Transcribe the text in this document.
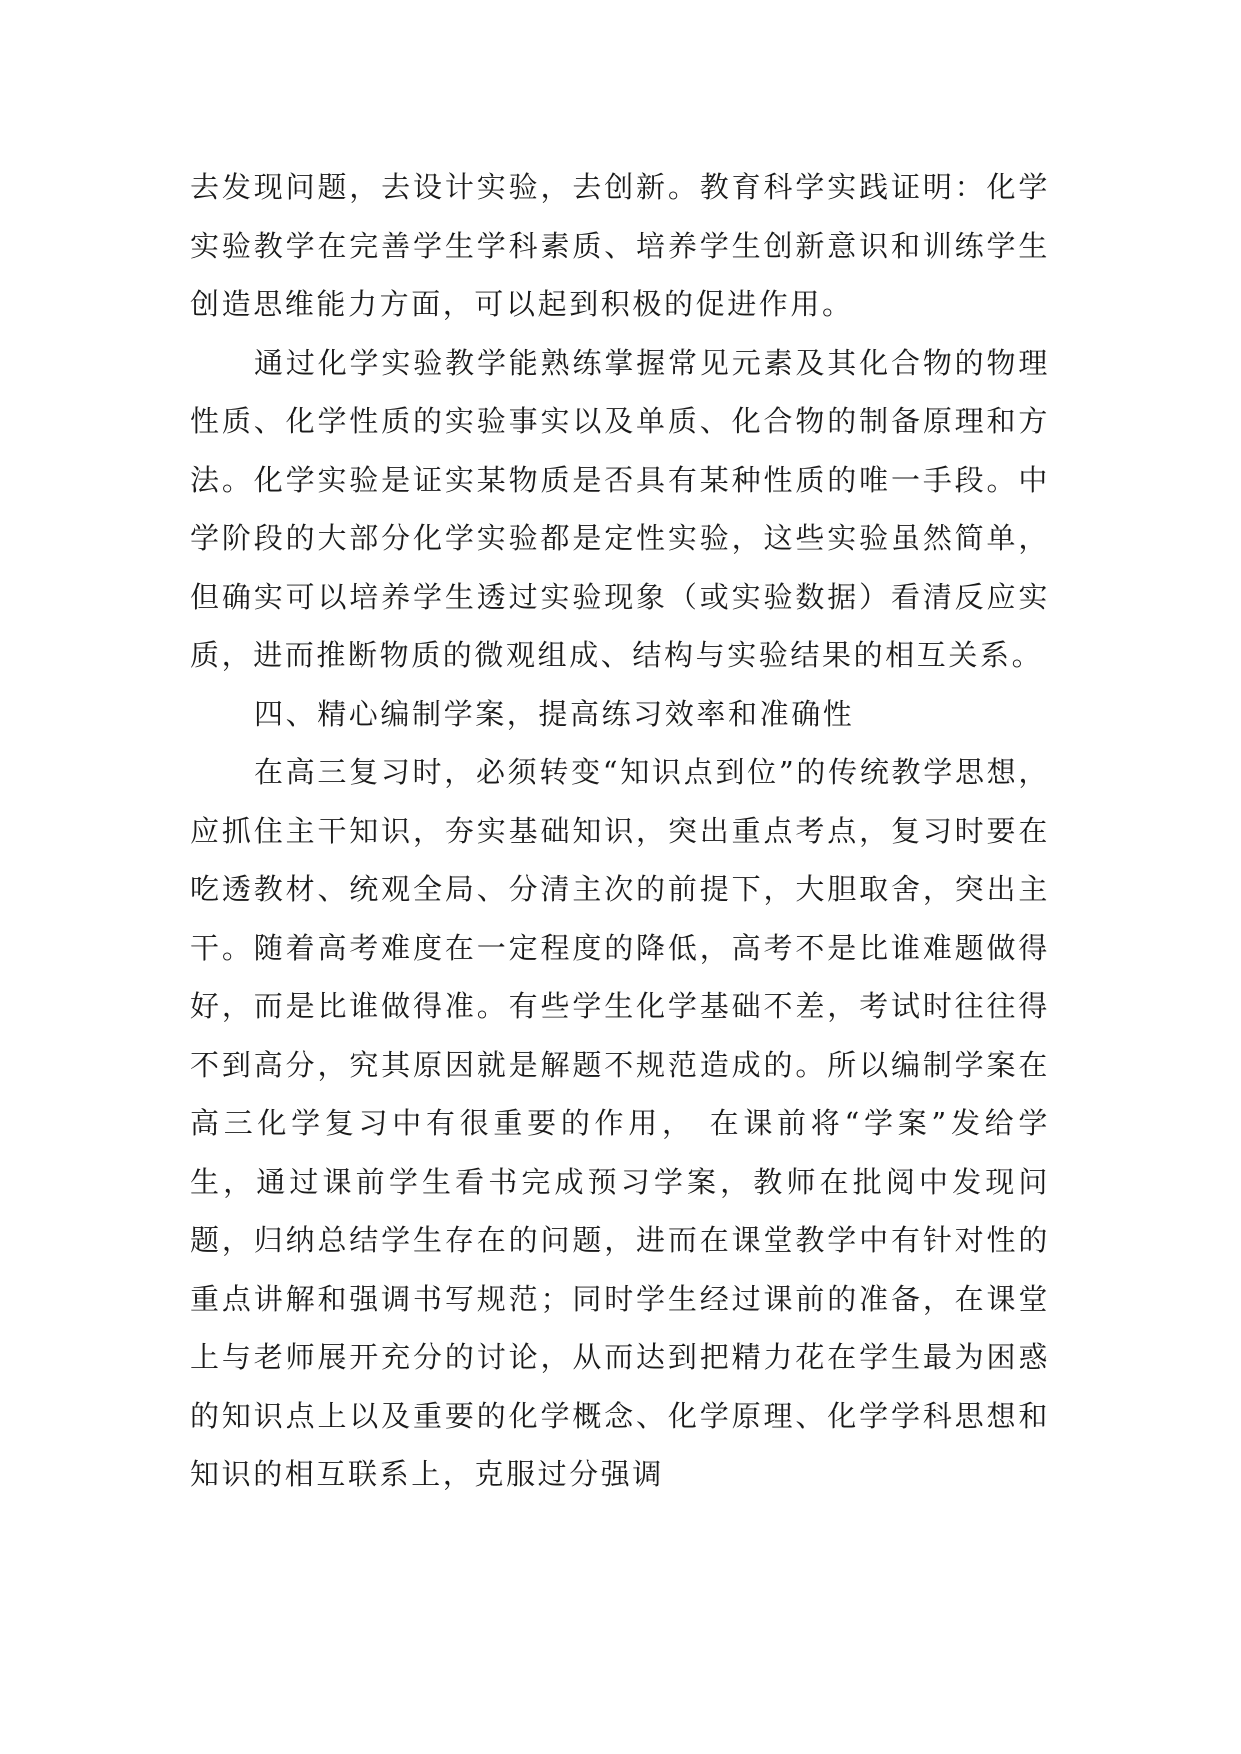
去发现问题，去设计实验，去创新。教育科学实践证明：化学实验教学在完善学生学科素质、培养学生创新意识和训练学生创造思维能力方面，可以起到积极的促进作用。

通过化学实验教学能熟练掌握常见元素及其化合物的物理性质、化学性质的实验事实以及单质、化合物的制备原理和方法。化学实验是证实某物质是否具有某种性质的唯一手段。中学阶段的大部分化学实验都是定性实验，这些实验虽然简单，但确实可以培养学生透过实验现象（或实验数据）看清反应实质，进而推断物质的微观组成、结构与实验结果的相互关系。

四、精心编制学案，提高练习效率和准确性

在高三复习时，必须转变“知识点到位”的传统教学思想，应抓住主干知识，夯实基础知识，突出重点考点，复习时要在吃透教材、统观全局、分清主次的前提下，大胆取舍，突出主干。随着高考难度在一定程度的降低，高考不是比谁难题做得好，而是比谁做得准。有些学生化学基础不差，考试时往往得不到高分，究其原因就是解题不规范造成的。所以编制学案在高三化学复习中有很重要的作用， 在课前将“学案”发给学生，通过课前学生看书完成预习学案，教师在批阅中发现问题，归纳总结学生存在的问题，进而在课堂教学中有针对性的重点讲解和强调书写规范；同时学生经过课前的准备，在课堂上与老师展开充分的讨论，从而达到把精力花在学生最为困惑的知识点上以及重要的化学概念、化学原理、化学学科思想和知识的相互联系上，克服过分强调
